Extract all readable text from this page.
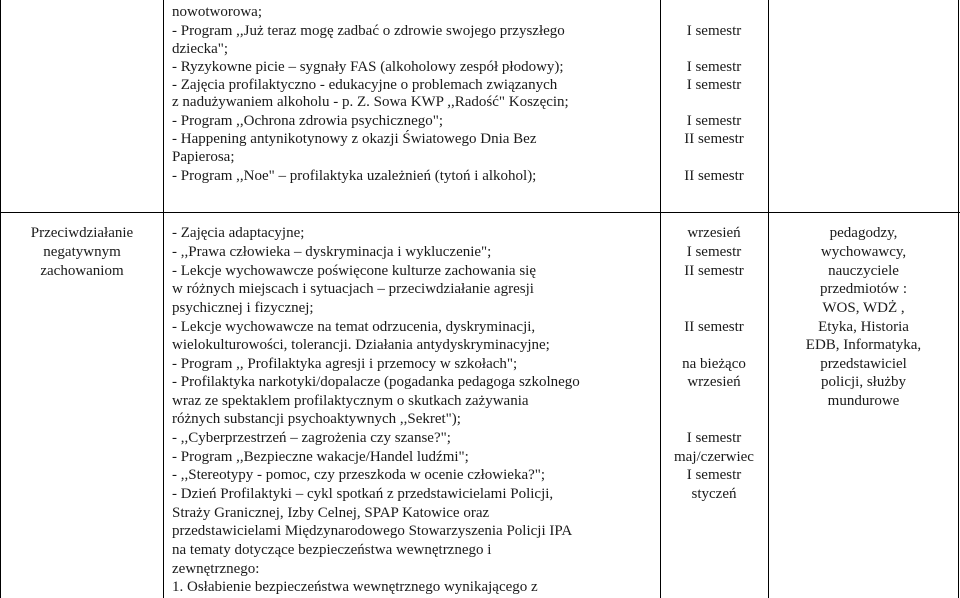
nowotworowa;
- Program ,,Już teraz mogę zadbać o zdrowie swojego przyszłego
dziecka";
- Ryzykowne picie – sygnały FAS (alkoholowy zespół płodowy);
- Zajęcia profilaktyczno - edukacyjne o problemach związanych
z nadużywaniem alkoholu - p. Z. Sowa KWP ,,Radość" Koszęcin;
- Program ,,Ochrona zdrowia psychicznego";
- Happening antynikotynowy z okazji Światowego Dnia Bez
Papierosa;
- Program ,,Noe" – profilaktyka uzależnień (tytoń i alkohol);
I semestr
I semestr
I semestr
I semestr
II semestr
II semestr
Przeciwdziałanie
negatywnym
zachowaniom
- Zajęcia adaptacyjne;
- ,,Prawa człowieka – dyskryminacja i wykluczenie";
- Lekcje wychowawcze poświęcone kulturze zachowania się
w różnych miejscach i sytuacjach – przeciwdziałanie agresji
psychicznej i fizycznej;
- Lekcje wychowawcze na temat odrzucenia, dyskryminacji,
wielokulturowości, tolerancji. Działania antydyskryminacyjne;
- Program ,, Profilaktyka agresji i przemocy w szkołach";
- Profilaktyka narkotyki/dopalacze (pogadanka pedagoga szkolnego
wraz ze spektaklem profilaktycznym o skutkach zażywania
różnych substancji psychoaktywnych ,,Sekret");
- ,,Cyberprzestrzeń – zagrożenia czy szanse?";
- Program ,,Bezpieczne wakacje/Handel ludźmi";
- ,,Stereotypy - pomoc, czy przeszkoda w ocenie człowieka?";
- Dzień Profilaktyki – cykl spotkań z przedstawicielami Policji,
Straży Granicznej, Izby Celnej, SPAP Katowice oraz
przedstawicielami Międzynarodowego Stowarzyszenia Policji IPA
na tematy dotyczące bezpieczeństwa wewnętrznego i
zewnętrznego:
1. Osłabienie bezpieczeństwa wewnętrznego wynikającego z
wrzesień
I semestr
II semestr
II semestr
na bieżąco
wrzesień
I semestr
maj/czerwiec
I semestr
styczeń
pedagodzy,
wychowawcy,
nauczyciele
przedmiotów :
WOS, WDŻ ,
Etyka, Historia
EDB, Informatyka,
przedstawiciel
policji, służby
mundurowe
